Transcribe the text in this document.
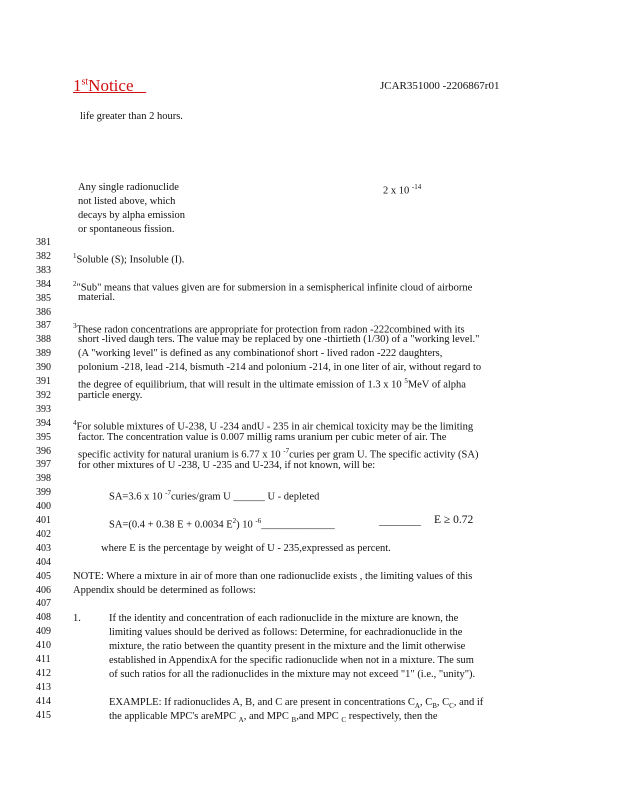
1stNotice	JCAR351000 -2206867r01
life greater than 2 hours.
Any single radionuclide
not listed above, which
decays by alpha emission
or spontaneous fission.
2 x 10 $^{-14}$
381
382
383
384
385
386
387
388
389
390
391
392
393
394
395
396
397
398
399
400
401
402
403
404
405
406
407
408
409
410
411
412
413
414
415
$^1$Soluble (S); Insoluble (I).
$^2$"Sub" means that values given are for submersion in a semispherical infinite cloud of airborne
material.
$^3$These radon concentrations are appropriate for protection from radon -222combined with its
short -lived daugh ters. The value may be replaced by one -thirtieth (1/30) of a "working level."
(A "working level" is defined as any combinationof short - lived radon -222 daughters,
polonium -218, lead -214, bismuth -214 and polonium -214, in one liter of air, without regard to
the degree of equilibrium, that will result in the ultimate emission of 1.3 x 10 $^5$MeV of alpha
particle energy.
$^4$For soluble mixtures of U-238, U -234 andU - 235 in air chemical toxicity may be the limiting
factor. The concentration value is 0.007 millig rams uranium per cubic meter of air. The
specific activity for natural uranium is 6.77 x 10 $^{-7}$curies per gram U. The specific activity (SA)
for other mixtures of U -238, U -235 and U-234, if not known, will be:
SA=3.6 x 10 $^{-7}$curies/gram U ______ U - depleted
SA=(0.4 + 0.38 E + 0.0034 $E^2$) 10 $^{-6}$______________	________ E ≥ 0.72
where E is the percentage by weight of U - 235,expressed as percent.
NOTE: Where a mixture in air of more than one radionuclide exists , the limiting values of this
Appendix should be determined as follows:
1.	If the identity and concentration of each radionuclide in the mixture are known, the
limiting values should be derived as follows: Determine, for eachradionuclide in the
mixture, the ratio between the quantity present in the mixture and the limit otherwise
established in AppendixA for the specific radionuclide when not in a mixture. The sum
of such ratios for all the radionuclides in the mixture may not exceed "1" (i.e., "unity").
EXAMPLE: If radionuclides A, B, and C are present in concentrations $C_A$, $C_B$, $C_C$, and if
the applicable MPC's areMPC $_A$, and MPC $_B$,and MPC $_C$ respectively, then the
